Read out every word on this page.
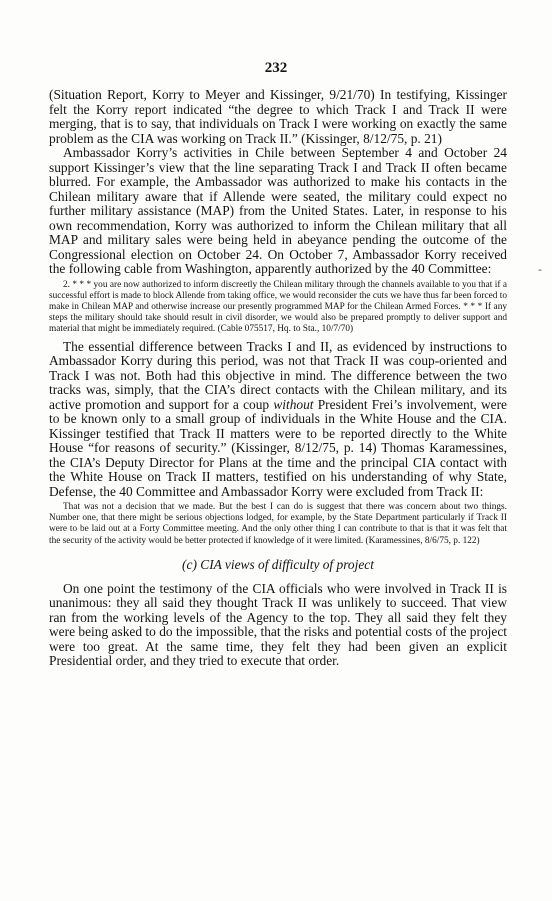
232
-

(Situation Report, Korry to Meyer and Kissinger, 9/21/70) In testifying, Kissinger felt the Korry report indicated “the degree to which Track I and Track II were merging, that is to say, that individuals on Track I were working on exactly the same problem as the CIA was working on Track II.” (Kissinger, 8/12/75, p. 21)

Ambassador Korry’s activities in Chile between September 4 and October 24 support Kissinger’s view that the line separating Track I and Track II often became blurred. For example, the Ambassador was authorized to make his contacts in the Chilean military aware that if Allende were seated, the military could expect no further military assistance (MAP) from the United States. Later, in response to his own recommendation, Korry was authorized to inform the Chilean military that all MAP and military sales were being held in abeyance pending the outcome of the Congressional election on October 24. On October 7, Ambassador Korry received the following cable from Washington, apparently authorized by the 40 Committee:

2. * * * you are now authorized to inform discreetly the Chilean military through the channels available to you that if a successful effort is made to block Allende from taking office, we would reconsider the cuts we have thus far been forced to make in Chilean MAP and otherwise increase our presently programmed MAP for the Chilean Armed Forces. * * * If any steps the military should take should result in civil disorder, we would also be prepared promptly to deliver support and material that might be immediately required. (Cable 075517, Hq. to Sta., 10/7/70)

The essential difference between Tracks I and II, as evidenced by instructions to Ambassador Korry during this period, was not that Track II was coup-oriented and Track I was not. Both had this objective in mind. The difference between the two tracks was, simply, that the CIA’s direct contacts with the Chilean military, and its active promotion and support for a coup without President Frei’s involvement, were to be known only to a small group of individuals in the White House and the CIA. Kissinger testified that Track II matters were to be reported directly to the White House “for reasons of security.” (Kissinger, 8/12/75, p. 14) Thomas Karamessines, the CIA’s Deputy Director for Plans at the time and the principal CIA contact with the White House on Track II matters, testified on his understanding of why State, Defense, the 40 Committee and Ambassador Korry were excluded from Track II:

That was not a decision that we made. But the best I can do is suggest that there was concern about two things. Number one, that there might be serious objections lodged, for example, by the State Department particularly if Track II were to be laid out at a Forty Committee meeting. And the only other thing I can contribute to that is that it was felt that the security of the activity would be better protected if knowledge of it were limited. (Karamessines, 8/6/75, p. 122)

(c) CIA views of difficulty of project

On one point the testimony of the CIA officials who were involved in Track II is unanimous: they all said they thought Track II was unlikely to succeed. That view ran from the working levels of the Agency to the top. They all said they felt they were being asked to do the impossible, that the risks and potential costs of the project were too great. At the same time, they felt they had been given an explicit Presidential order, and they tried to execute that order.
